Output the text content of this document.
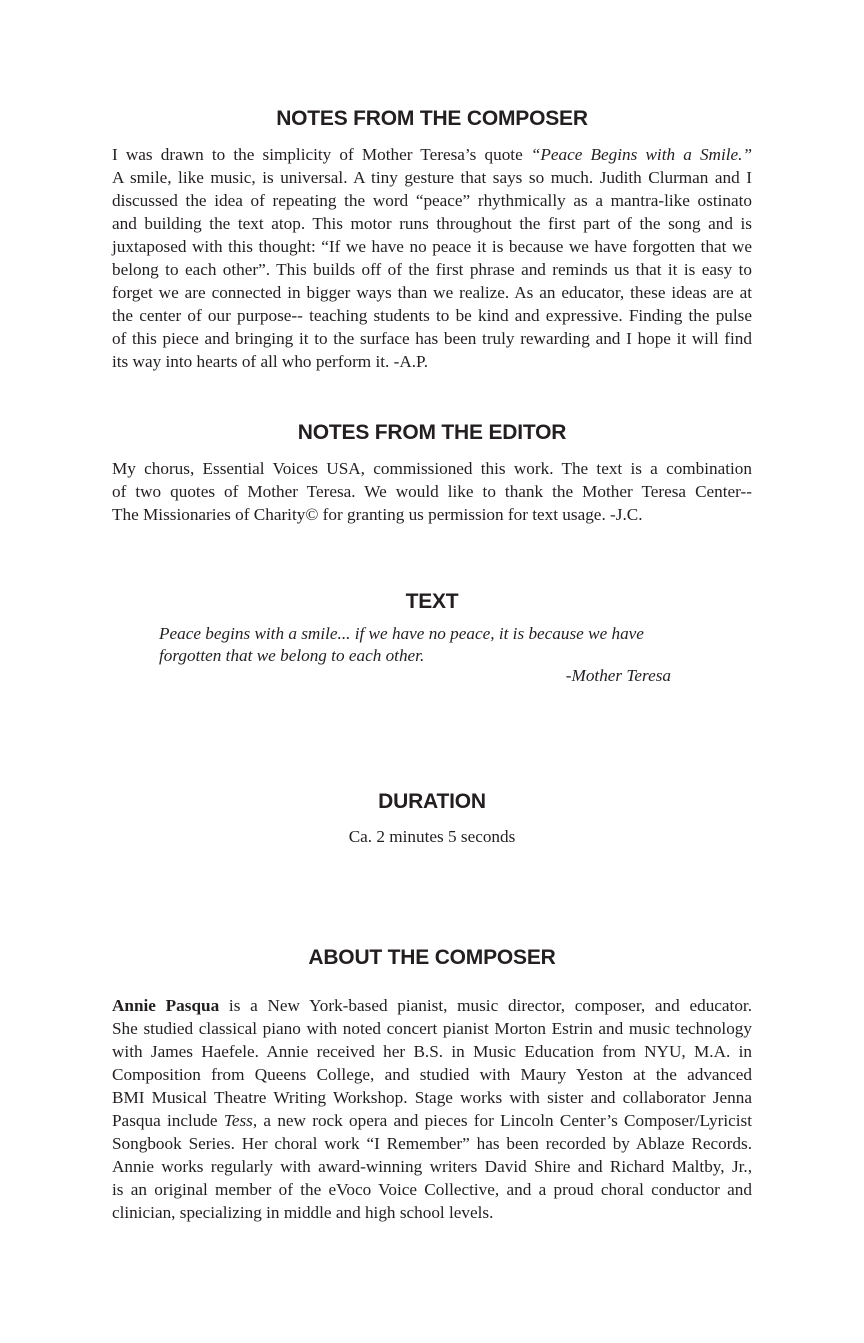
NOTES FROM THE COMPOSER
I was drawn to the simplicity of Mother Teresa’s quote “Peace Begins with a Smile.”
A smile, like music, is universal. A tiny gesture that says so much. Judith Clurman and I
discussed the idea of repeating the word “peace” rhythmically as a mantra-like ostinato
and building the text atop. This motor runs throughout the first part of the song and is
juxtaposed with this thought: “If we have no peace it is because we have forgotten that we
belong to each other”. This builds off of the first phrase and reminds us that it is easy to
forget we are connected in bigger ways than we realize. As an educator, these ideas are at
the center of our purpose-- teaching students to be kind and expressive. Finding the pulse
of this piece and bringing it to the surface has been truly rewarding and I hope it will find
its way into hearts of all who perform it. -A.P.
NOTES FROM THE EDITOR
My chorus, Essential Voices USA, commissioned this work. The text is a combination
of two quotes of Mother Teresa. We would like to thank the Mother Teresa Center--
The Missionaries of Charity© for granting us permission for text usage. -J.C.
TEXT
Peace begins with a smile... if we have no peace, it is because we have
forgotten that we belong to each other.
-Mother Teresa
DURATION
Ca. 2 minutes 5 seconds
ABOUT THE COMPOSER
Annie Pasqua is a New York-based pianist, music director, composer, and educator.
She studied classical piano with noted concert pianist Morton Estrin and music technology
with James Haefele. Annie received her B.S. in Music Education from NYU, M.A. in
Composition from Queens College, and studied with Maury Yeston at the advanced
BMI Musical Theatre Writing Workshop. Stage works with sister and collaborator Jenna
Pasqua include Tess, a new rock opera and pieces for Lincoln Center’s Composer/Lyricist
Songbook Series. Her choral work “I Remember” has been recorded by Ablaze Records.
Annie works regularly with award-winning writers David Shire and Richard Maltby, Jr.,
is an original member of the eVoco Voice Collective, and a proud choral conductor and
clinician, specializing in middle and high school levels.
